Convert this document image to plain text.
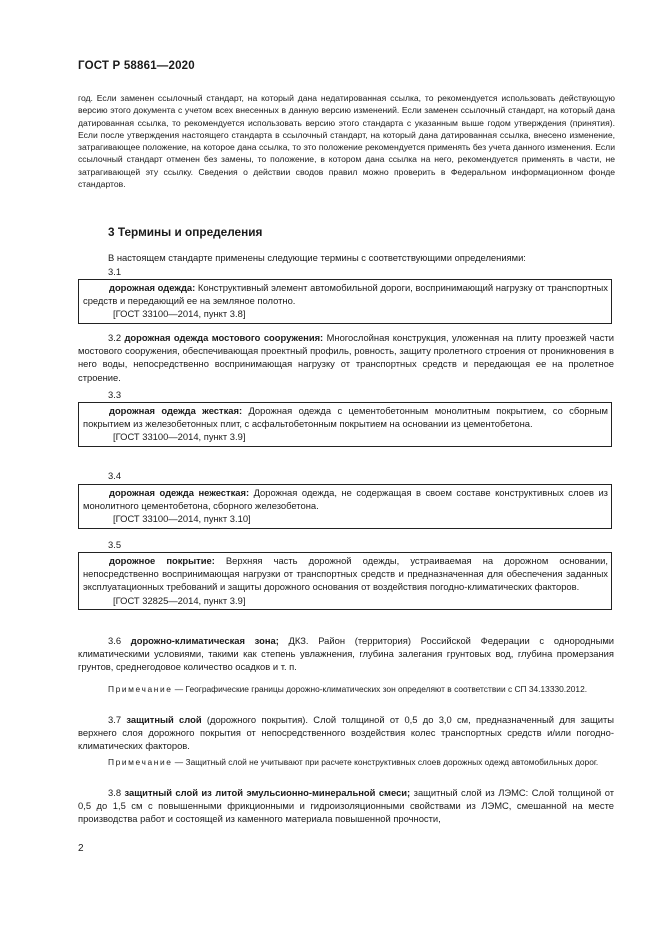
ГОСТ Р 58861—2020

год. Если заменен ссылочный стандарт, на который дана недатированная ссылка, то рекомендуется использовать действующую версию этого документа с учетом всех внесенных в данную версию изменений. Если заменен ссылочный стандарт, на который дана датированная ссылка, то рекомендуется использовать версию этого стандарта с указанным выше годом утверждения (принятия). Если после утверждения настоящего стандарта в ссылочный стандарт, на который дана датированная ссылка, внесено изменение, затрагивающее положение, на которое дана ссылка, то это положение рекомендуется применять без учета данного изменения. Если ссылочный стандарт отменен без замены, то положение, в котором дана ссылка на него, рекомендуется применять в части, не затрагивающей эту ссылку. Сведения о действии сводов правил можно проверить в Федеральном информационном фонде стандартов.

3 Термины и определения
В настоящем стандарте применены следующие термины с соответствующими определениями:
3.1

дорожная одежда: Конструктивный элемент автомобильной дороги, воспринимающий нагрузку от транспортных средств и передающий ее на земляное полотно.

[ГОСТ 33100—2014, пункт 3.8]

3.2 дорожная одежда мостового сооружения: Многослойная конструкция, уложенная на плиту проезжей части мостового сооружения, обеспечивающая проектный профиль, ровность, защиту пролетного строения от проникновения в него воды, непосредственно воспринимающая нагрузку от транспортных средств и передающая ее на пролетное строение.

3.3

дорожная одежда жесткая: Дорожная одежда с цементобетонным монолитным покрытием, со сборным покрытием из железобетонных плит, с асфальтобетонным покрытием на основании из цементобетона.

[ГОСТ 33100—2014, пункт 3.9]

3.4

дорожная одежда нежесткая: Дорожная одежда, не содержащая в своем составе конструктивных слоев из монолитного цементобетона, сборного железобетона.

[ГОСТ 33100—2014, пункт 3.10]

3.5

дорожное покрытие: Верхняя часть дорожной одежды, устраиваемая на дорожном основании, непосредственно воспринимающая нагрузки от транспортных средств и предназначенная для обеспечения заданных эксплуатационных требований и защиты дорожного основания от воздействия погодно-климатических факторов.

[ГОСТ 32825—2014, пункт 3.9]

3.6 дорожно-климатическая зона; ДКЗ. Район (территория) Российской Федерации с однородными климатическими условиями, такими как степень увлажнения, глубина залегания грунтовых вод, глубина промерзания грунтов, среднегодовое количество осадков и т. п.

Примечание — Географические границы дорожно-климатических зон определяют в соответствии с СП 34.13330.2012.

3.7 защитный слой (дорожного покрытия). Слой толщиной от 0,5 до 3,0 см, предназначенный для защиты верхнего слоя дорожного покрытия от непосредственного воздействия колес транспортных средств и/или погодно-климатических факторов.

Примечание — Защитный слой не учитывают при расчете конструктивных слоев дорожных одежд автомобильных дорог.

3.8 защитный слой из литой эмульсионно-минеральной смеси; защитный слой из ЛЭМС: Слой толщиной от 0,5 до 1,5 см с повышенными фрикционными и гидроизоляционными свойствами из ЛЭМС, смешанной на месте производства работ и состоящей из каменного материала повышенной прочности,

2
